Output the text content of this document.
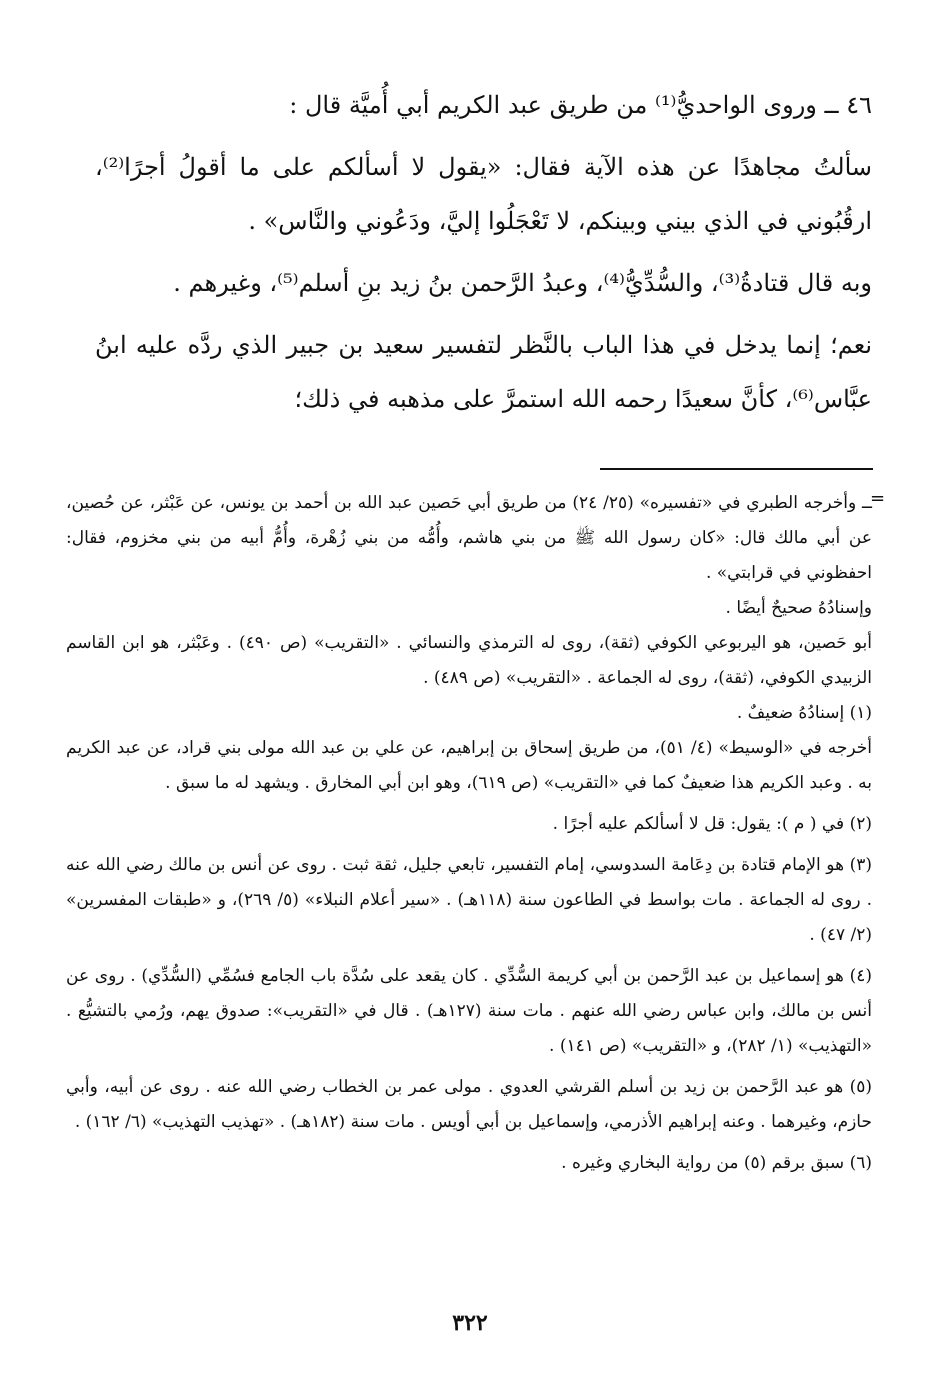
٤٦ ــ وروى الواحديُّ⁽¹⁾ من طريق عبد الكريم أبي أُميَّة قال :

سألتُ مجاهدًا عن هذه الآية فقال: «يقول لا أسألكم على ما أقولُ أجرًا⁽²⁾، ارقُبُوني في الذي بيني وبينكم، لا تَعْجَلُوا إليَّ، ودَعُوني والنَّاس» .

وبه قال قتادةُ⁽³⁾، والسُّدِّيُّ⁽⁴⁾، وعبدُ الرَّحمن بنُ زيد بنِ أسلم⁽⁵⁾، وغيرهم .

نعم؛ إنما يدخل في هذا الباب بالنَّظر لتفسير سعيد بن جبير الذي ردَّه عليه ابنُ عبَّاس⁽⁶⁾، كأنَّ سعيدًا رحمه الله استمرَّ على مذهبه في ذلك؛

=

ــ وأخرجه الطبري في «تفسيره» (٢٥/ ٢٤) من طريق أبي حَصين عبد الله بن أحمد بن يونس، عن عَبْثر، عن حُصين، عن أبي مالك قال: «كان رسول الله ﷺ من بني هاشم، وأُمُّه من بني زُهْرة، وأُمُّ أبيه من بني مخزوم، فقال: احفظوني في قرابتي» .

وإسنادُهُ صحيحٌ أيضًا .

أبو حَصين، هو اليربوعي الكوفي (ثقة)، روى له الترمذي والنسائي . «التقريب» (ص ٤٩٠) . وعَبْثر، هو ابن القاسم الزبيدي الكوفي، (ثقة)، روى له الجماعة . «التقريب» (ص ٤٨٩) .

(١) إسنادُهُ ضعيفٌ .

أخرجه في «الوسيط» (٤/ ٥١)، من طريق إسحاق بن إبراهيم، عن علي بن عبد الله مولى بني قراد، عن عبد الكريم به . وعبد الكريم هذا ضعيفٌ كما في «التقريب» (ص ٦١٩)، وهو ابن أبي المخارق . ويشهد له ما سبق .

(٢) في ( م ): يقول: قل لا أسألكم عليه أجرًا .

(٣) هو الإمام قتادة بن دِعَامة السدوسي، إمام التفسير، تابعي جليل، ثقة ثبت . روى عن أنس بن مالك رضي الله عنه . روى له الجماعة . مات بواسط في الطاعون سنة (١١٨هـ) . «سير أعلام النبلاء» (٥/ ٢٦٩)، و «طبقات المفسرين» (٢/ ٤٧) .

(٤) هو إسماعيل بن عبد الرَّحمن بن أبي كريمة السُّدِّي . كان يقعد على سُدَّة باب الجامع فسُمِّي (السُّدِّي) . روى عن أنس بن مالك، وابن عباس رضي الله عنهم . مات سنة (١٢٧هـ) . قال في «التقريب»: صدوق يهم، ورُمي بالتشيُّع . «التهذيب» (١/ ٢٨٢)، و «التقريب» (ص ١٤١) .

(٥) هو عبد الرَّحمن بن زيد بن أسلم القرشي العدوي . مولى عمر بن الخطاب رضي الله عنه . روى عن أبيه، وأبي حازم، وغيرهما . وعنه إبراهيم الأذرمي، وإسماعيل بن أبي أويس . مات سنة (١٨٢هـ) . «تهذيب التهذيب» (٦/ ١٦٢) .

(٦) سبق برقم (٥) من رواية البخاري وغيره .

٣٢٢
